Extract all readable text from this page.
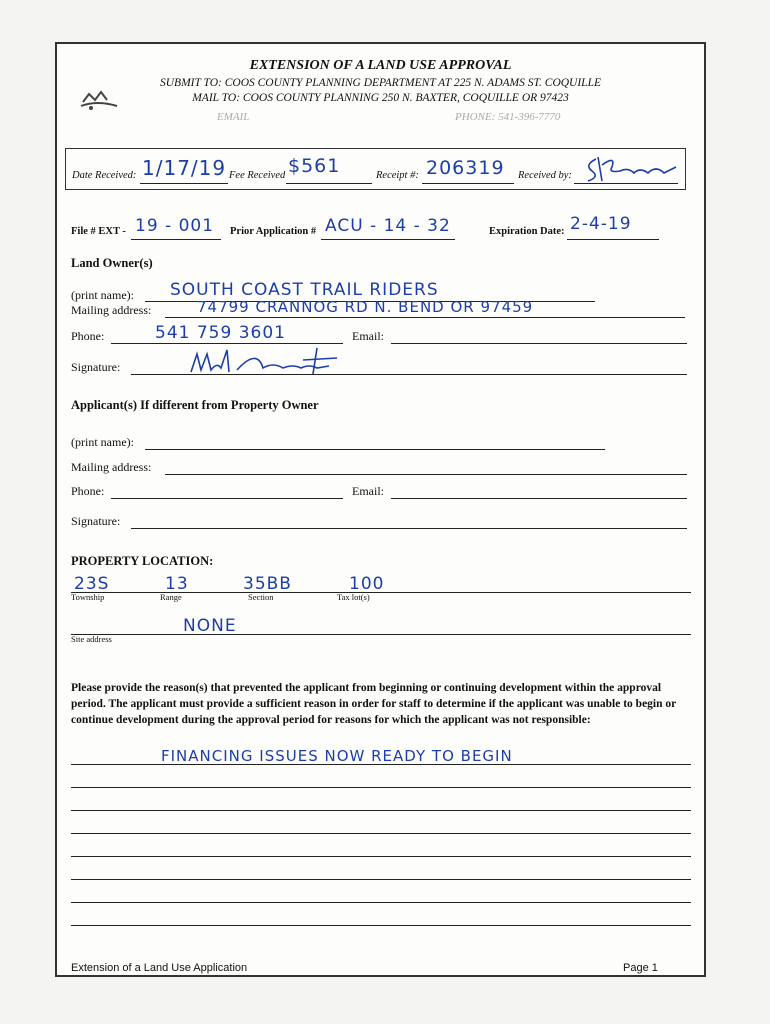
EXTENSION OF A LAND USE APPROVAL
SUBMIT TO: COOS COUNTY PLANNING DEPARTMENT AT 225 N. ADAMS ST. COQUILLE
MAIL TO: COOS COUNTY PLANNING 250 N. BAXTER, COQUILLE OR 97423
EMAIL	PHONE: 541-396-7770
Date Received: 1/17/19 Fee Received $561	Receipt #: 206319 Received by:
File # EXT - 19 - 001 Prior Application # ACU - 14 - 32	Expiration Date: 2-4-19
Land Owner(s)
(print name): SOUTH COAST TRAIL RIDERS
Mailing address:	74799 CRANNOG RD N. BEND OR 97459
Phone:	541 759 3601	Email:
Signature:
Applicant(s) If different from Property Owner
(print name):
Mailing address:
Phone:	Email:
Signature:
PROPERTY LOCATION:
23S	13	35BB	100
Township	Range	Section	Tax lot(s)
NONE
Site address
Please provide the reason(s) that prevented the applicant from beginning or continuing development within the approval period. The applicant must provide a sufficient reason in order for staff to determine if the applicant was unable to begin or continue development during the approval period for reasons for which the applicant was not responsible:
FINANCING ISSUES NOW READY TO BEGIN
Extension of a Land Use Application	Page 1
